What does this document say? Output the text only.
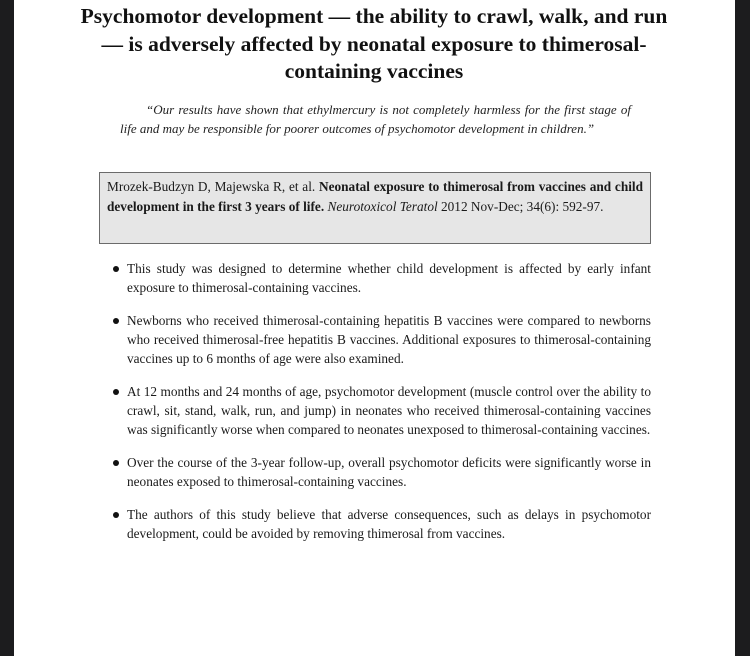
Psychomotor development — the ability to crawl, walk, and run — is adversely affected by neonatal exposure to thimerosal-containing vaccines

“Our results have shown that ethylmercury is not completely harmless for the first stage of life and may be responsible for poorer outcomes of psychomotor development in children.”

Mrozek-Budzyn D, Majewska R, et al. Neonatal exposure to thimerosal from vaccines and child development in the first 3 years of life. Neurotoxicol Teratol 2012 Nov-Dec; 34(6): 592-97.
This study was designed to determine whether child development is affected by early infant exposure to thimerosal-containing vaccines.
Newborns who received thimerosal-containing hepatitis B vaccines were compared to newborns who received thimerosal-free hepatitis B vaccines. Additional exposures to thimerosal-containing vaccines up to 6 months of age were also examined.
At 12 months and 24 months of age, psychomotor development (muscle control over the ability to crawl, sit, stand, walk, run, and jump) in neonates who received thimerosal-containing vaccines was significantly worse when compared to neonates unexposed to thimerosal-containing vaccines.
Over the course of the 3-year follow-up, overall psychomotor deficits were significantly worse in neonates exposed to thimerosal-containing vaccines.
The authors of this study believe that adverse consequences, such as delays in psychomotor development, could be avoided by removing thimerosal from vaccines.
